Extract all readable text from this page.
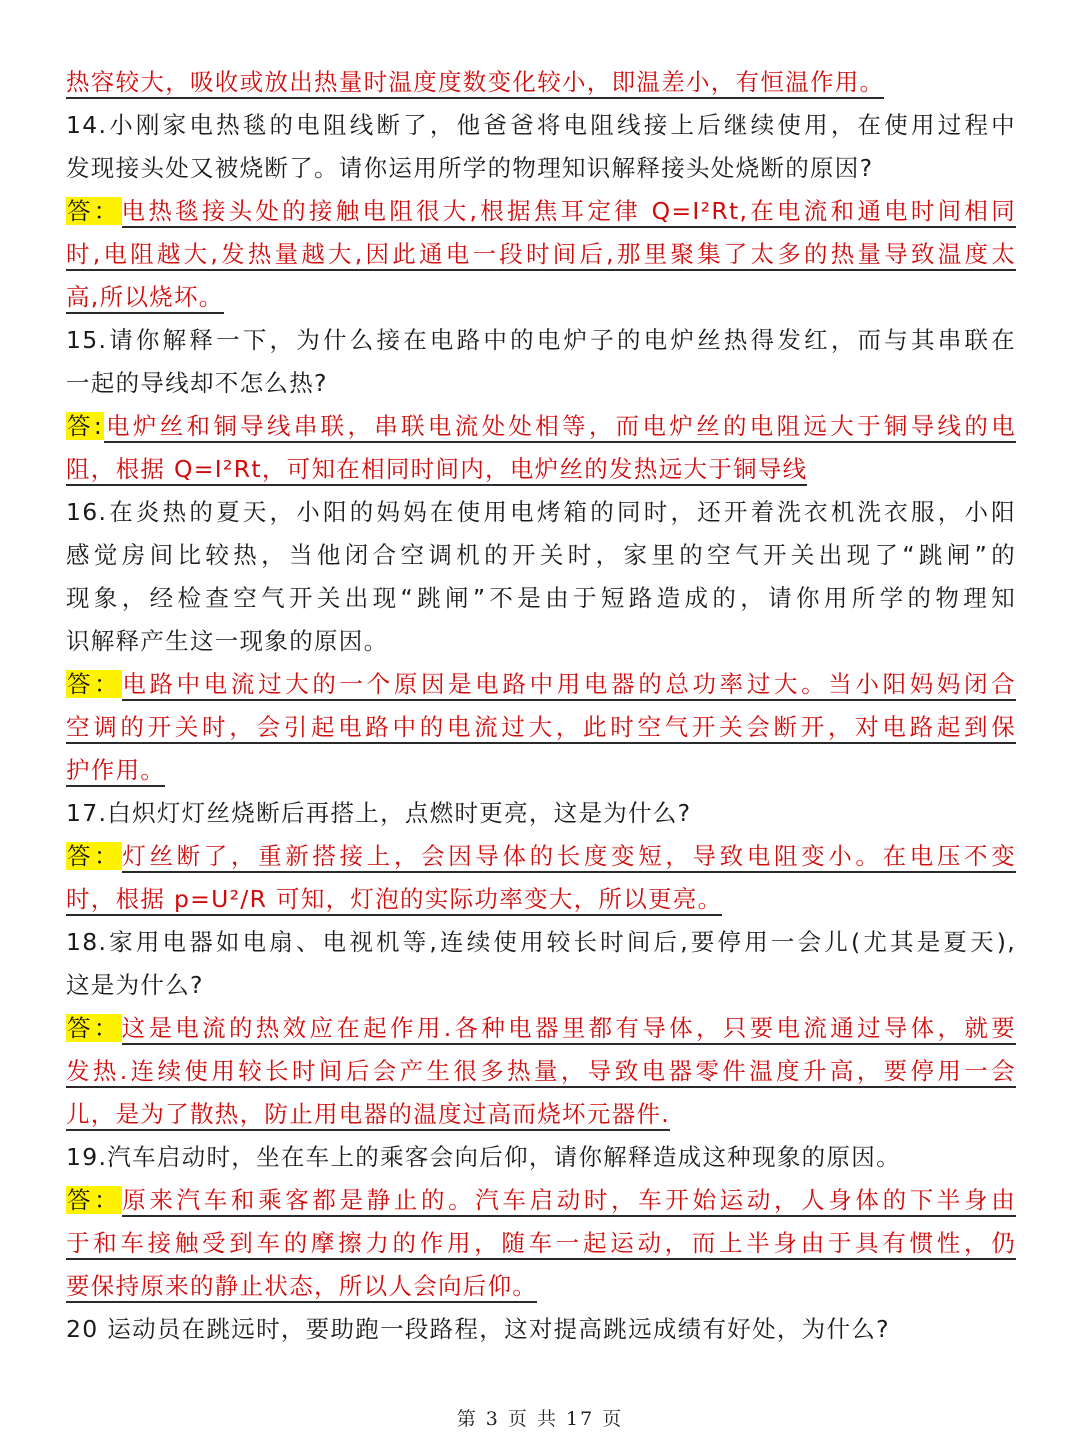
热容较大，吸收或放出热量时温度度数变化较小，即温差小，有恒温作用。
14.小刚家电热毯的电阻线断了，他爸爸将电阻线接上后继续使用，在使用过程中
发现接头处又被烧断了。请你运用所学的物理知识解释接头处烧断的原因?
答：电热毯接头处的接触电阻很大,根据焦耳定律 Q=I²Rt,在电流和通电时间相同
时,电阻越大,发热量越大,因此通电一段时间后,那里聚集了太多的热量导致温度太
高,所以烧坏。
15.请你解释一下，为什么接在电路中的电炉子的电炉丝热得发红，而与其串联在
一起的导线却不怎么热?
答:电炉丝和铜导线串联，串联电流处处相等，而电炉丝的电阻远大于铜导线的电
阻，根据 Q=I²Rt，可知在相同时间内，电炉丝的发热远大于铜导线
16.在炎热的夏天，小阳的妈妈在使用电烤箱的同时，还开着洗衣机洗衣服，小阳
感觉房间比较热，当他闭合空调机的开关时，家里的空气开关出现了“跳闸”的
现象，经检查空气开关出现“跳闸”不是由于短路造成的，请你用所学的物理知
识解释产生这一现象的原因。
答：电路中电流过大的一个原因是电路中用电器的总功率过大。当小阳妈妈闭合
空调的开关时，会引起电路中的电流过大，此时空气开关会断开，对电路起到保
护作用。
17.白炽灯灯丝烧断后再搭上，点燃时更亮，这是为什么?
答：灯丝断了，重新搭接上，会因导体的长度变短，导致电阻变小。在电压不变
时，根据 p=U²/R 可知，灯泡的实际功率变大，所以更亮。
18.家用电器如电扇、电视机等,连续使用较长时间后,要停用一会儿(尤其是夏天),
这是为什么?
答：这是电流的热效应在起作用.各种电器里都有导体，只要电流通过导体，就要
发热.连续使用较长时间后会产生很多热量，导致电器零件温度升高，要停用一会
儿，是为了散热，防止用电器的温度过高而烧坏元器件.
19.汽车启动时，坐在车上的乘客会向后仰，请你解释造成这种现象的原因。
答：原来汽车和乘客都是静止的。汽车启动时，车开始运动，人身体的下半身由
于和车接触受到车的摩擦力的作用，随车一起运动，而上半身由于具有惯性，仍
要保持原来的静止状态，所以人会向后仰。
20 运动员在跳远时，要助跑一段路程，这对提高跳远成绩有好处，为什么?
第 3 页 共 17 页
